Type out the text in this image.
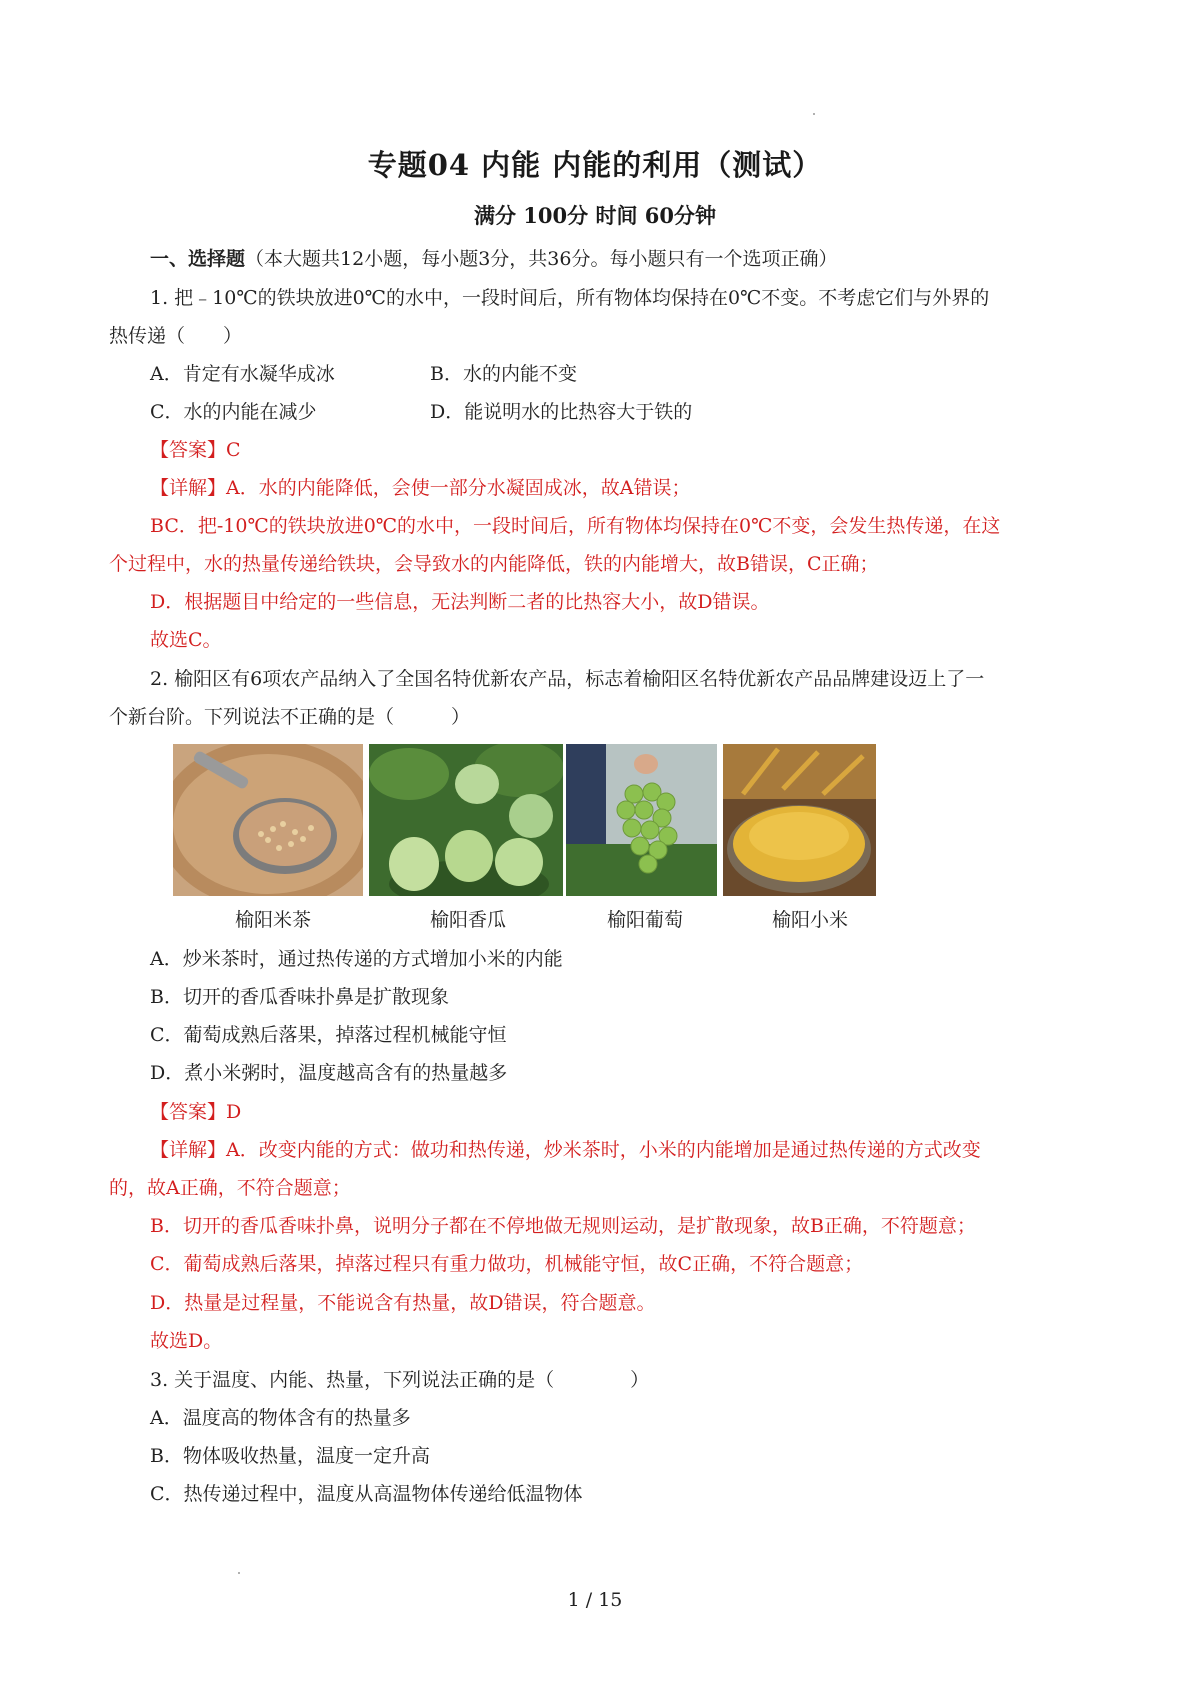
专题04 内能 内能的利用（测试）
满分 100分 时间 60分钟
一、选择题（本大题共12小题，每小题3分，共36分。每小题只有一个选项正确）
1. 把﹣10℃的铁块放进0℃的水中，一段时间后，所有物体均保持在0℃不变。不考虑它们与外界的
热传递（　　）
A．肯定有水凝华成冰	B．水的内能不变
C．水的内能在减少	D．能说明水的比热容大于铁的
【答案】C
【详解】A．水的内能降低，会使一部分水凝固成冰，故A错误；
BC．把-10℃的铁块放进0℃的水中，一段时间后，所有物体均保持在0℃不变，会发生热传递，在这
个过程中，水的热量传递给铁块，会导致水的内能降低，铁的内能增大，故B错误，C正确；
D．根据题目中给定的一些信息，无法判断二者的比热容大小，故D错误。
故选C。
2. 榆阳区有6项农产品纳入了全国名特优新农产品，标志着榆阳区名特优新农产品品牌建设迈上了一
个新台阶。下列说法不正确的是（　　　）
榆阳米茶	榆阳香瓜	榆阳葡萄	榆阳小米
A．炒米茶时，通过热传递的方式增加小米的内能
B．切开的香瓜香味扑鼻是扩散现象
C．葡萄成熟后落果，掉落过程机械能守恒
D．煮小米粥时，温度越高含有的热量越多
【答案】D
【详解】A．改变内能的方式：做功和热传递，炒米茶时，小米的内能增加是通过热传递的方式改变
的，故A正确，不符合题意；
B．切开的香瓜香味扑鼻，说明分子都在不停地做无规则运动，是扩散现象，故B正确，不符题意；
C．葡萄成熟后落果，掉落过程只有重力做功，机械能守恒，故C正确，不符合题意；
D．热量是过程量，不能说含有热量，故D错误，符合题意。
故选D。
3. 关于温度、内能、热量，下列说法正确的是（　　　　）
A．温度高的物体含有的热量多
B．物体吸收热量，温度一定升高
C．热传递过程中，温度从高温物体传递给低温物体
1 / 15
